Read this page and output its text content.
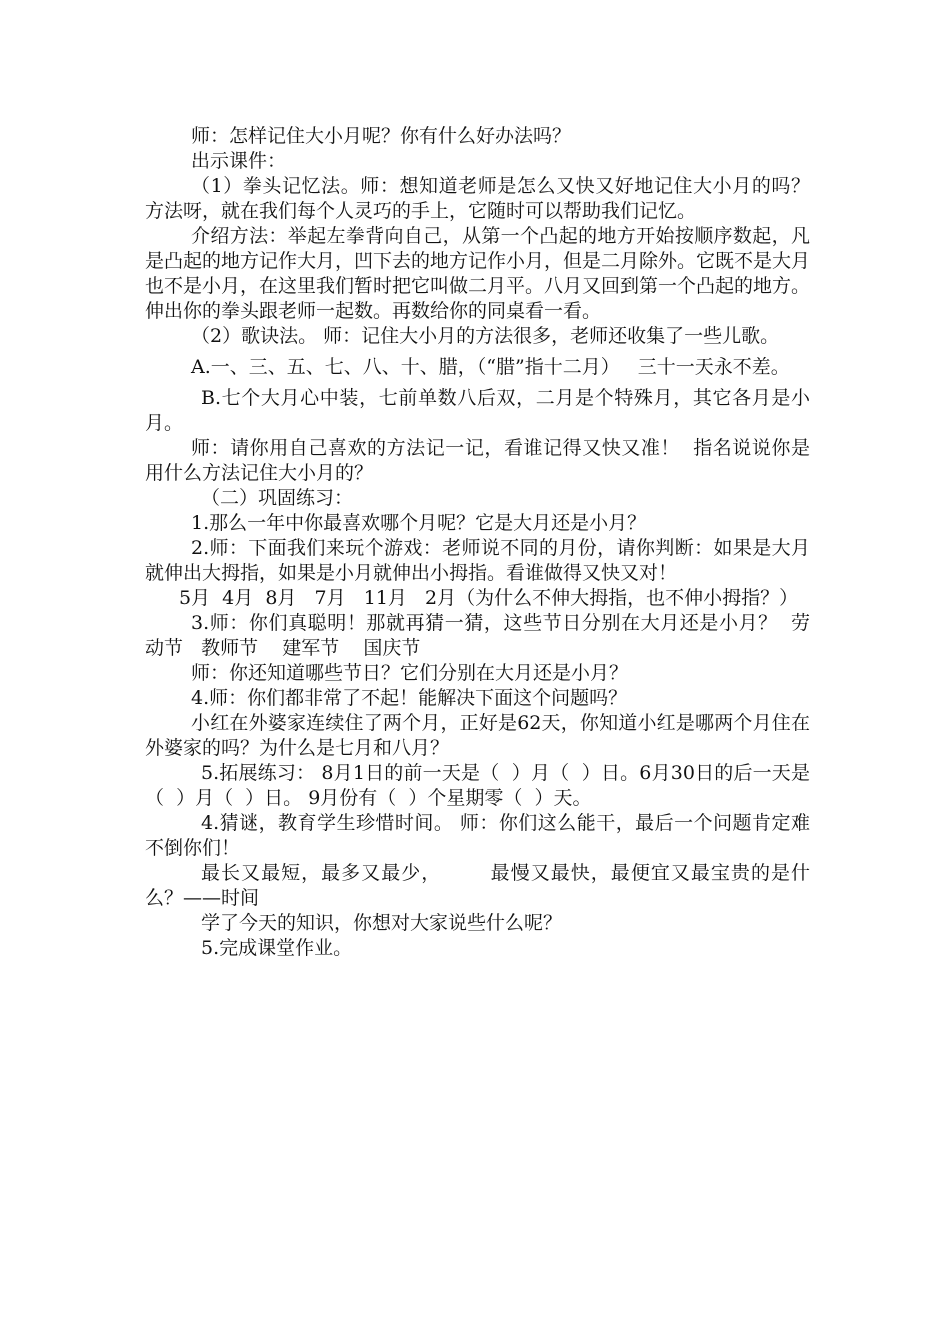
师：怎样记住大小月呢？你有什么好办法吗？

出示课件：

（1）拳头记忆法。师：想知道老师是怎么又快又好地记住大小月的吗？方法呀，就在我们每个人灵巧的手上，它随时可以帮助我们记忆。

介绍方法：举起左拳背向自己，从第一个凸起的地方开始按顺序数起，凡是凸起的地方记作大月，凹下去的地方记作小月，但是二月除外。它既不是大月也不是小月，在这里我们暂时把它叫做二月平。八月又回到第一个凸起的地方。伸出你的拳头跟老师一起数。再数给你的同桌看一看。

（2）歌诀法。 师：记住大小月的方法很多，老师还收集了一些儿歌。

A.一、三、五、七、八、十、腊，（“腊”指十二月）   三十一天永不差。

B.七个大月心中装，七前单数八后双，二月是个特殊月，其它各月是小月。

师：请你用自己喜欢的方法记一记，看谁记得又快又准！  指名说说你是用什么方法记住大小月的？

（二）巩固练习：

1.那么一年中你最喜欢哪个月呢？它是大月还是小月？

2.师：下面我们来玩个游戏：老师说不同的月份，请你判断：如果是大月就伸出大拇指，如果是小月就伸出小拇指。看谁做得又快又对！

5月  4月  8月   7月   11月   2月（为什么不伸大拇指，也不伸小拇指？）

3.师：你们真聪明！那就再猜一猜，这些节日分别在大月还是小月？  劳动节   教师节    建军节    国庆节

师：你还知道哪些节日？它们分别在大月还是小月？

4.师：你们都非常了不起！能解决下面这个问题吗？

小红在外婆家连续住了两个月，正好是62天，你知道小红是哪两个月住在外婆家的吗？为什么是七月和八月？

5.拓展练习： 8月1日的前一天是（  ）月（  ）日。6月30日的后一天是（  ）月（  ）日。 9月份有（  ）个星期零（  ）天。

4.猜谜，教育学生珍惜时间。 师：你们这么能干，最后一个问题肯定难不倒你们！

最长又最短，最多又最少，       最慢又最快，最便宜又最宝贵的是什么？——时间

学了今天的知识，你想对大家说些什么呢？

5.完成课堂作业。
